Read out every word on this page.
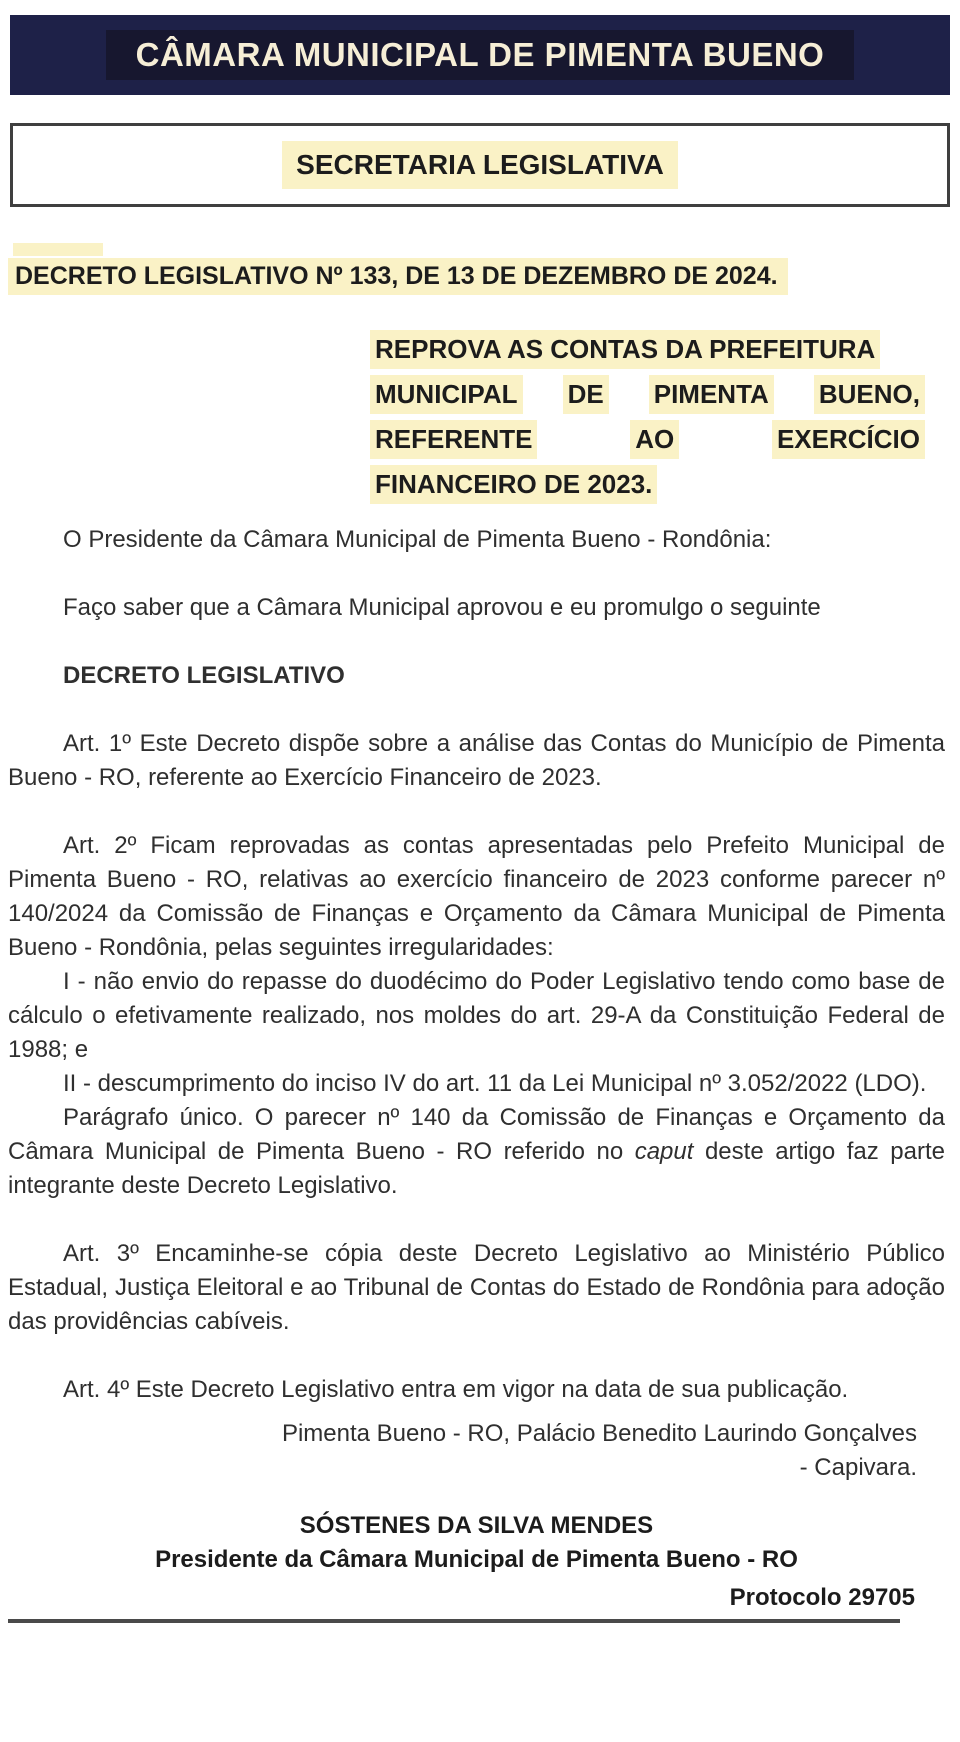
CÂMARA MUNICIPAL DE PIMENTA BUENO
SECRETARIA LEGISLATIVA
DECRETO LEGISLATIVO Nº 133, DE 13 DE DEZEMBRO DE 2024.
REPROVA AS CONTAS DA PREFEITURA
MUNICIPAL DE PIMENTA BUENO,
REFERENTE	AO	EXERCÍCIO
FINANCEIRO DE 2023.

O Presidente da Câmara Municipal de Pimenta Bueno - Rondônia:

Faço saber que a Câmara Municipal aprovou e eu promulgo o seguinte

DECRETO LEGISLATIVO

Art. 1º Este Decreto dispõe sobre a análise das Contas do Município de Pimenta Bueno - RO, referente ao Exercício Financeiro de 2023.

Art. 2º Ficam reprovadas as contas apresentadas pelo Prefeito Municipal de Pimenta Bueno - RO, relativas ao exercício financeiro de 2023 conforme parecer nº 140/2024 da Comissão de Finanças e Orçamento da Câmara Municipal de Pimenta Bueno - Rondônia, pelas seguintes irregularidades:

I - não envio do repasse do duodécimo do Poder Legislativo tendo como base de cálculo o efetivamente realizado, nos moldes do art. 29-A da Constituição Federal de 1988; e

II - descumprimento do inciso IV do art. 11 da Lei Municipal nº 3.052/2022 (LDO).

Parágrafo único. O parecer nº 140 da Comissão de Finanças e Orçamento da Câmara Municipal de Pimenta Bueno - RO referido no caput deste artigo faz parte integrante deste Decreto Legislativo.

Art. 3º Encaminhe-se cópia deste Decreto Legislativo ao Ministério Público Estadual, Justiça Eleitoral e ao Tribunal de Contas do Estado de Rondônia para adoção das providências cabíveis.

Art. 4º Este Decreto Legislativo entra em vigor na data de sua publicação.

Pimenta Bueno - RO, Palácio Benedito Laurindo Gonçalves
- Capivara.
SÓSTENES DA SILVA MENDES
Presidente da Câmara Municipal de Pimenta Bueno - RO
Protocolo 29705
